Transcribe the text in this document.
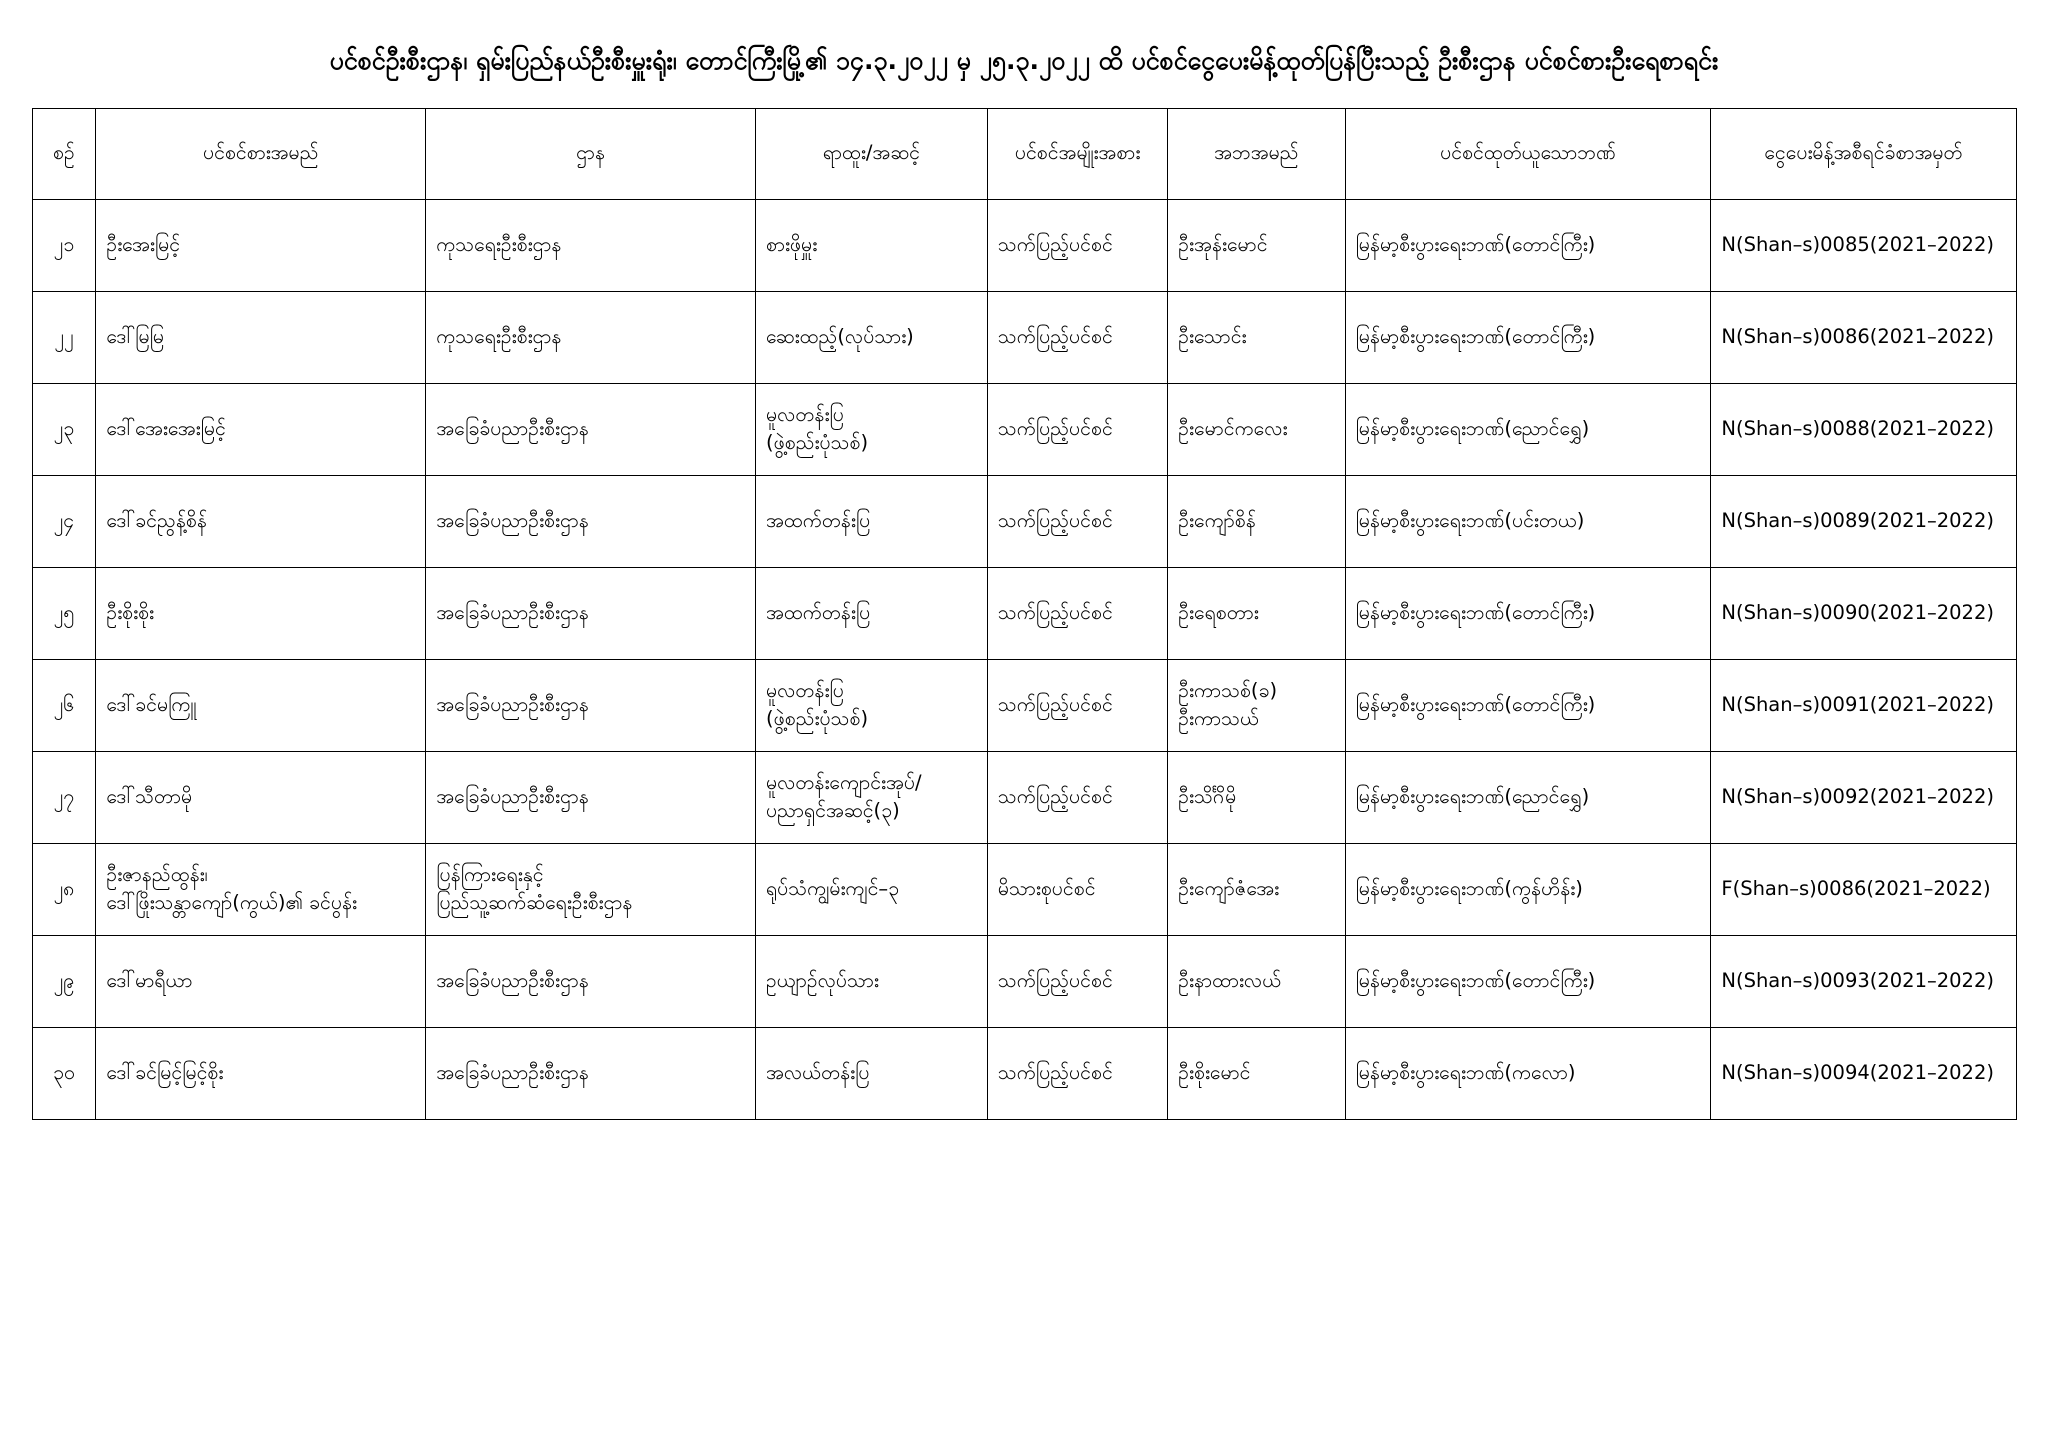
ပင်စင်ဦးစီးဌာန၊ ရှမ်းပြည်နယ်ဦးစီးမှူးရုံး၊ တောင်ကြီးမြို့၏ ၁၄.၃.၂၀၂၂ မှ ၂၅.၃.၂၀၂၂ ထိ ပင်စင်ငွေပေးမိန့်ထုတ်ပြန်ပြီးသည့် ဦးစီးဌာန ပင်စင်စားဦးရေစာရင်း
စဉ်	ပင်စင်စားအမည်	ဌာန	ရာထူး/အဆင့်	ပင်စင်အမျိုးအစား	အဘအမည်	ပင်စင်ထုတ်ယူသောဘဏ်	ငွေပေးမိန့်အစီရင်ခံစာအမှတ်

၂၁	ဦးအေးမြင့်	ကုသရေးဦးစီးဌာန	စားဖိုမှူး	သက်ပြည့်ပင်စင်	ဦးအုန်းမောင်	မြန်မာ့စီးပွားရေးဘဏ်(တောင်ကြီး)	N(Shan–s)0085(2021–2022)

၂၂	ဒေါ်မြမြ	ကုသရေးဦးစီးဌာန	ဆေးထည့်(လုပ်သား)	သက်ပြည့်ပင်စင်	ဦးသောင်း	မြန်မာ့စီးပွားရေးဘဏ်(တောင်ကြီး)	N(Shan–s)0086(2021–2022)

၂၃	ဒေါ်အေးအေးမြင့်	အခြေခံပညာဦးစီးဌာန	မူလတန်းပြ
(ဖွဲ့စည်းပုံသစ်)	သက်ပြည့်ပင်စင်	ဦးမောင်ကလေး	မြန်မာ့စီးပွားရေးဘဏ်(ညောင်ရွှေ)	N(Shan–s)0088(2021–2022)

၂၄	ဒေါ်ခင်ညွန့်စိန်	အခြေခံပညာဦးစီးဌာန	အထက်တန်းပြ	သက်ပြည့်ပင်စင်	ဦးကျော်စိန်	မြန်မာ့စီးပွားရေးဘဏ်(ပင်းတယ)	N(Shan–s)0089(2021–2022)

၂၅	ဦးစိုးစိုး	အခြေခံပညာဦးစီးဌာန	အထက်တန်းပြ	သက်ပြည့်ပင်စင်	ဦးရေစတား	မြန်မာ့စီးပွားရေးဘဏ်(တောင်ကြီး)	N(Shan–s)0090(2021–2022)

၂၆	ဒေါ်ခင်မကြူ	အခြေခံပညာဦးစီးဌာန	မူလတန်းပြ
(ဖွဲ့စည်းပုံသစ်)	သက်ပြည့်ပင်စင်	ဦးကာသစ်(ခ)
ဦးကာသယ်	မြန်မာ့စီးပွားရေးဘဏ်(တောင်ကြီး)	N(Shan–s)0091(2021–2022)

၂၇	ဒေါ်သီတာမို	အခြေခံပညာဦးစီးဌာန	မူလတန်းကျောင်းအုပ်/
ပညာရှင်အဆင့်(၃)	သက်ပြည့်ပင်စင်	ဦးသိင်္ဂိမို	မြန်မာ့စီးပွားရေးဘဏ်(ညောင်ရွှေ)	N(Shan–s)0092(2021–2022)

၂၈	ဦးဇာနည်ထွန်း၊
ဒေါ်ဖြိုးသန္တာကျော်(ကွယ်)၏ ခင်ပွန်း	ပြန်ကြားရေးနှင့်
ပြည်သူ့ဆက်ဆံရေးဦးစီးဌာန	ရုပ်သံကျွမ်းကျင်–၃	မိသားစုပင်စင်	ဦးကျော်ဇံအေး	မြန်မာ့စီးပွားရေးဘဏ်(ကွန်ဟိန်း)	F(Shan–s)0086(2021–2022)

၂၉	ဒေါ်မာရီယာ	အခြေခံပညာဦးစီးဌာန	ဥယျာဉ်လုပ်သား	သက်ပြည့်ပင်စင်	ဦးနာထားလယ်	မြန်မာ့စီးပွားရေးဘဏ်(တောင်ကြီး)	N(Shan–s)0093(2021–2022)

၃၀	ဒေါ်ခင်မြင့်မြင့်စိုး	အခြေခံပညာဦးစီးဌာန	အလယ်တန်းပြ	သက်ပြည့်ပင်စင်	ဦးစိုးမောင်	မြန်မာ့စီးပွားရေးဘဏ်(ကလော)	N(Shan–s)0094(2021–2022)
